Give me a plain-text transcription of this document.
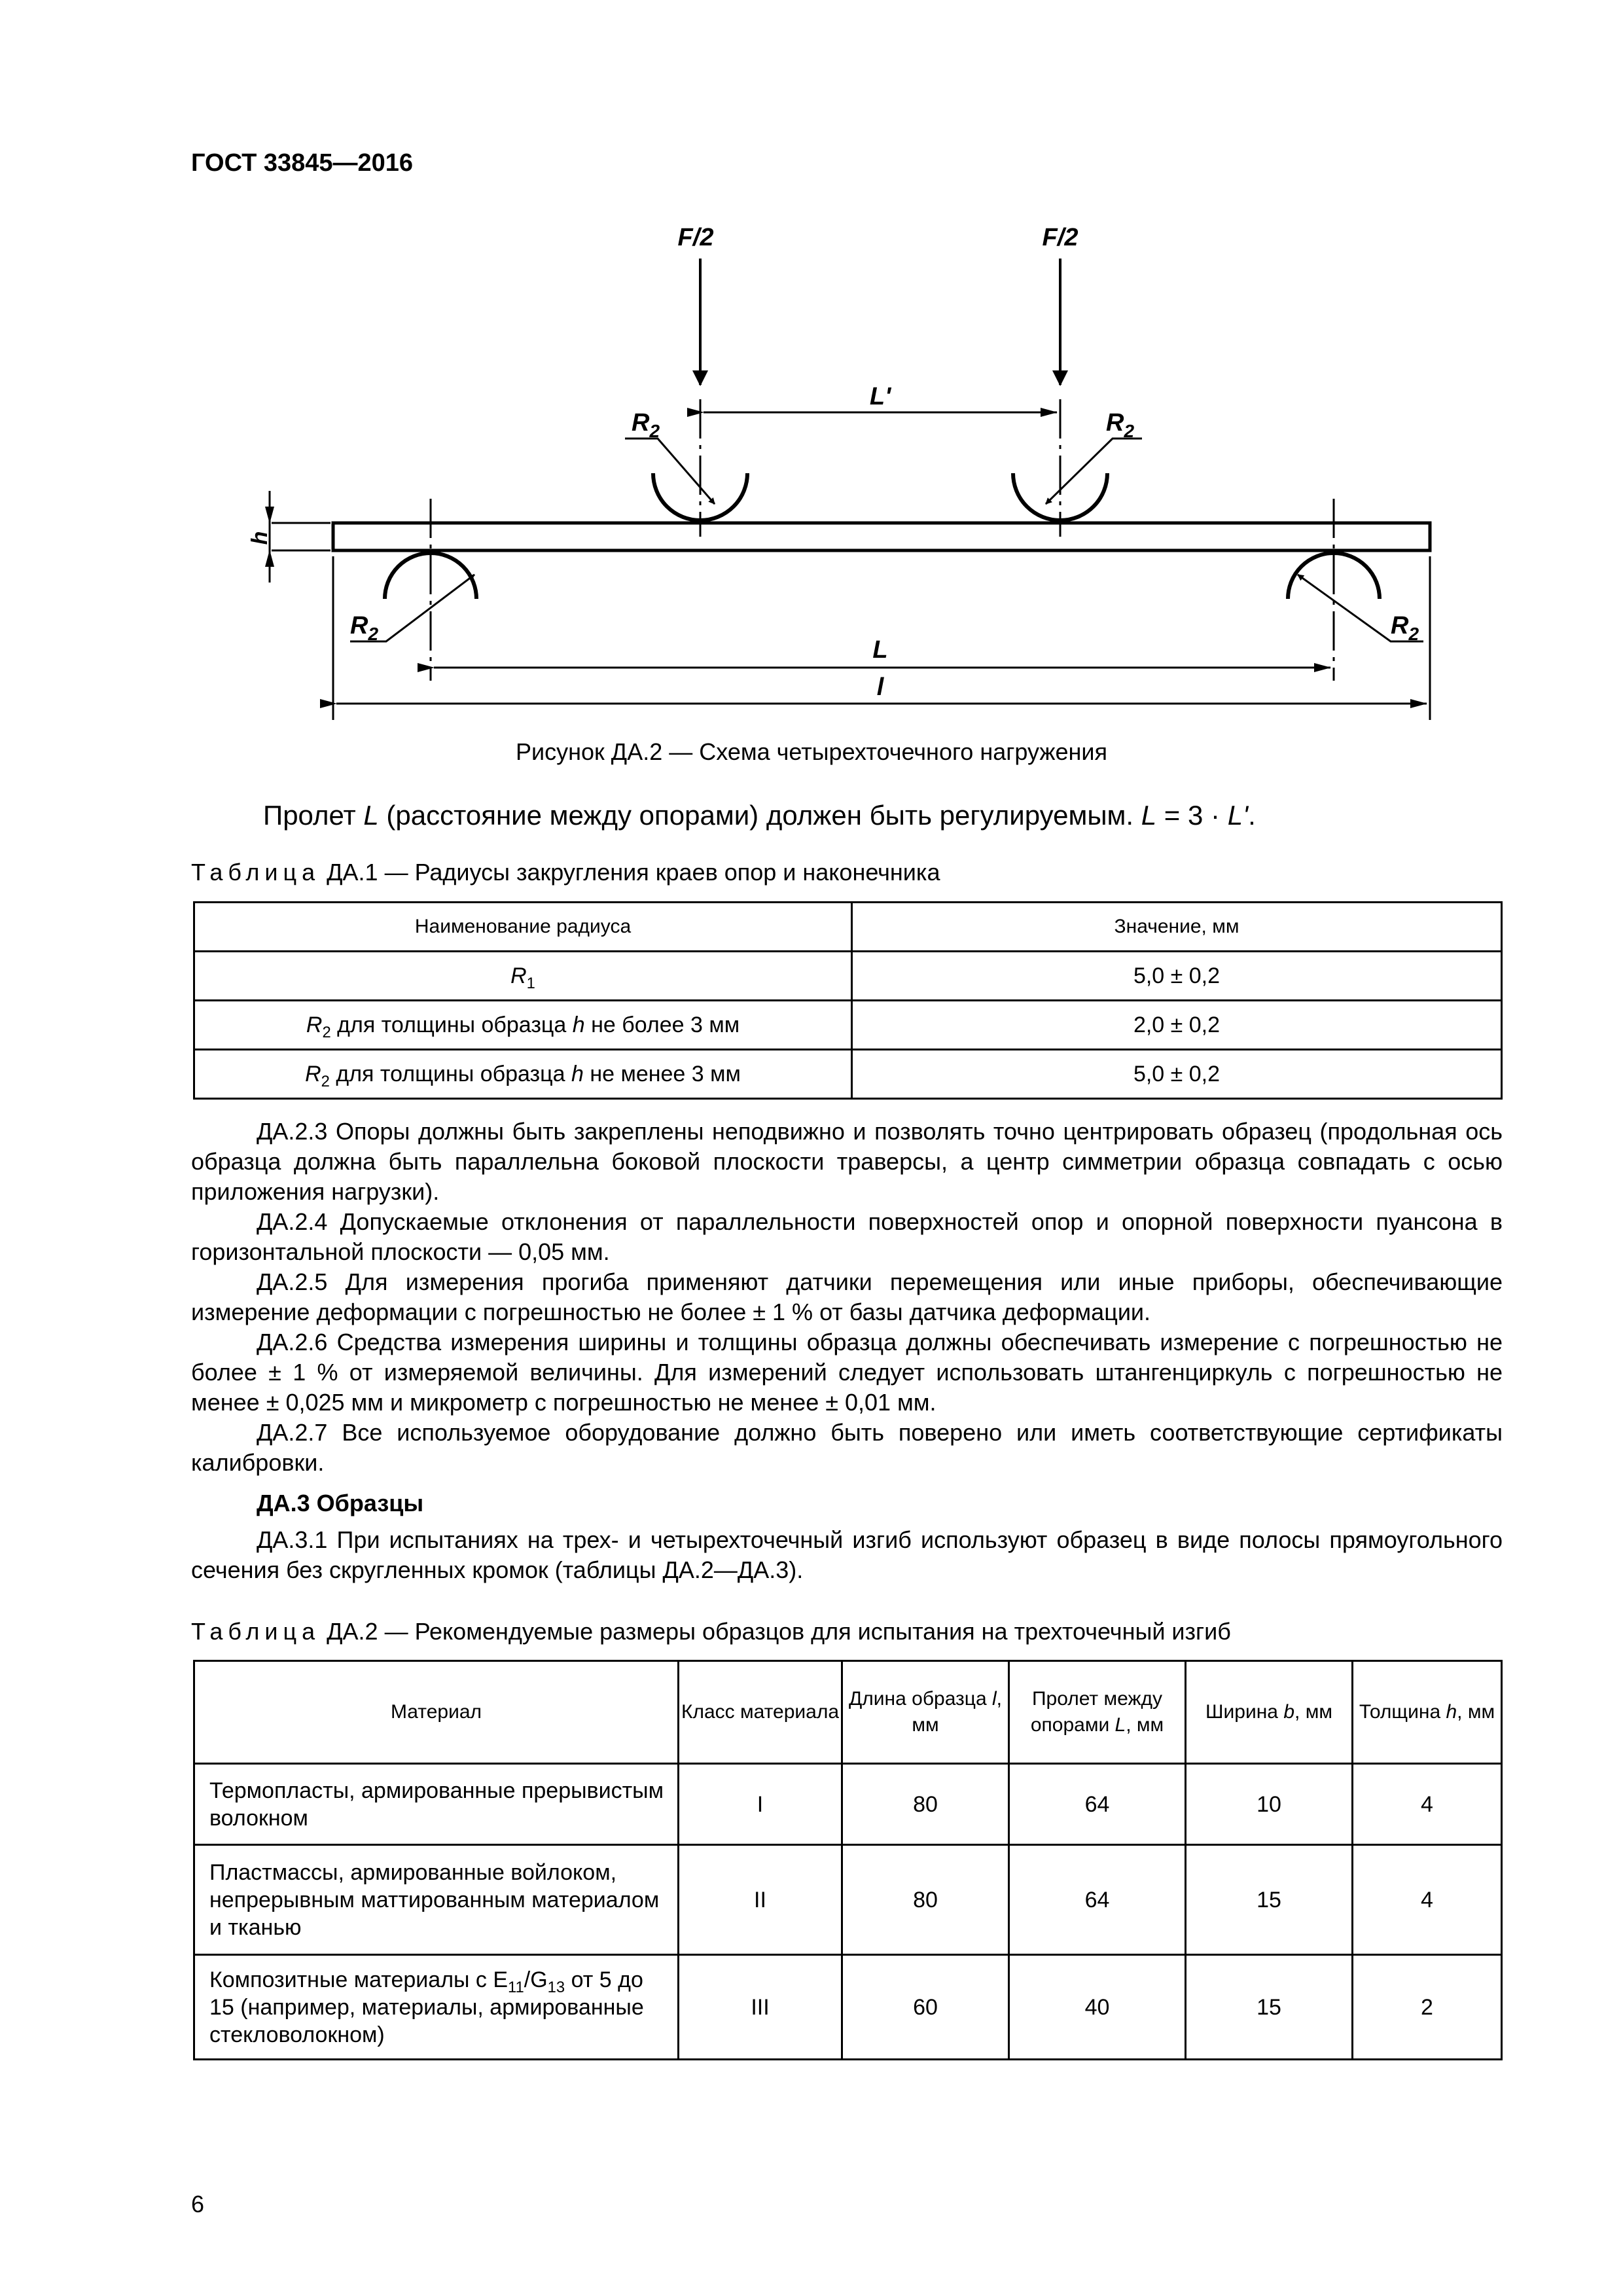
ГОСТ 33845—2016
F/2	F/2
L'
L
l
h
$R_2$	$R_2$
$R_2$	$R_2$
Рисунок ДА.2 — Схема четырехточечного нагружения
Пролет L (расстояние между опорами) должен быть регулируемым. L = 3 · L'.
Таблица ДА.1 — Радиусы закругления краев опор и наконечника
Наименование радиуса	Значение, мм
$R_1$	5,0 ± 0,2
$R_2$ для толщины образца h не более 3 мм	2,0 ± 0,2
$R_2$ для толщины образца h не менее 3 мм	5,0 ± 0,2
ДА.2.3 Опоры должны быть закреплены неподвижно и позволять точно центрировать образец (продольная ось образца должна быть параллельна боковой плоскости траверсы, а центр симметрии образца совпадать с осью приложения нагрузки).
ДА.2.4 Допускаемые отклонения от параллельности поверхностей опор и опорной поверхности пуансона в горизонтальной плоскости — 0,05 мм.
ДА.2.5 Для измерения прогиба применяют датчики перемещения или иные приборы, обеспечивающие измерение деформации с погрешностью не более ± 1 % от базы датчика деформации.
ДА.2.6 Средства измерения ширины и толщины образца должны обеспечивать измерение с погрешностью не более ± 1 % от измеряемой величины. Для измерений следует использовать штангенциркуль с погрешностью не менее ± 0,025 мм и микрометр с погрешностью не менее ± 0,01 мм.
ДА.2.7 Все используемое оборудование должно быть поверено или иметь соответствующие сертификаты калибровки.
ДА.3 Образцы
ДА.3.1 При испытаниях на трех- и четырехточечный изгиб используют образец в виде полосы прямоугольного сечения без скругленных кромок (таблицы ДА.2—ДА.3).
Таблица ДА.2 — Рекомендуемые размеры образцов для испытания на трехточечный изгиб
Материал	Класс материала	Длина образца l, мм	Пролет между опорами L, мм	Ширина b, мм	Толщина h, мм
Термопласты, армированные прерывистым волокном	I	80	64	10	4
Пластмассы, армированные войлоком, непрерывным маттированным материалом и тканью	II	80	64	15	4
Композитные материалы с $E_{11}/G_{13}$ от 5 до 15 (например, материалы, армированные стекловолокном)	III	60	40	15	2
6
